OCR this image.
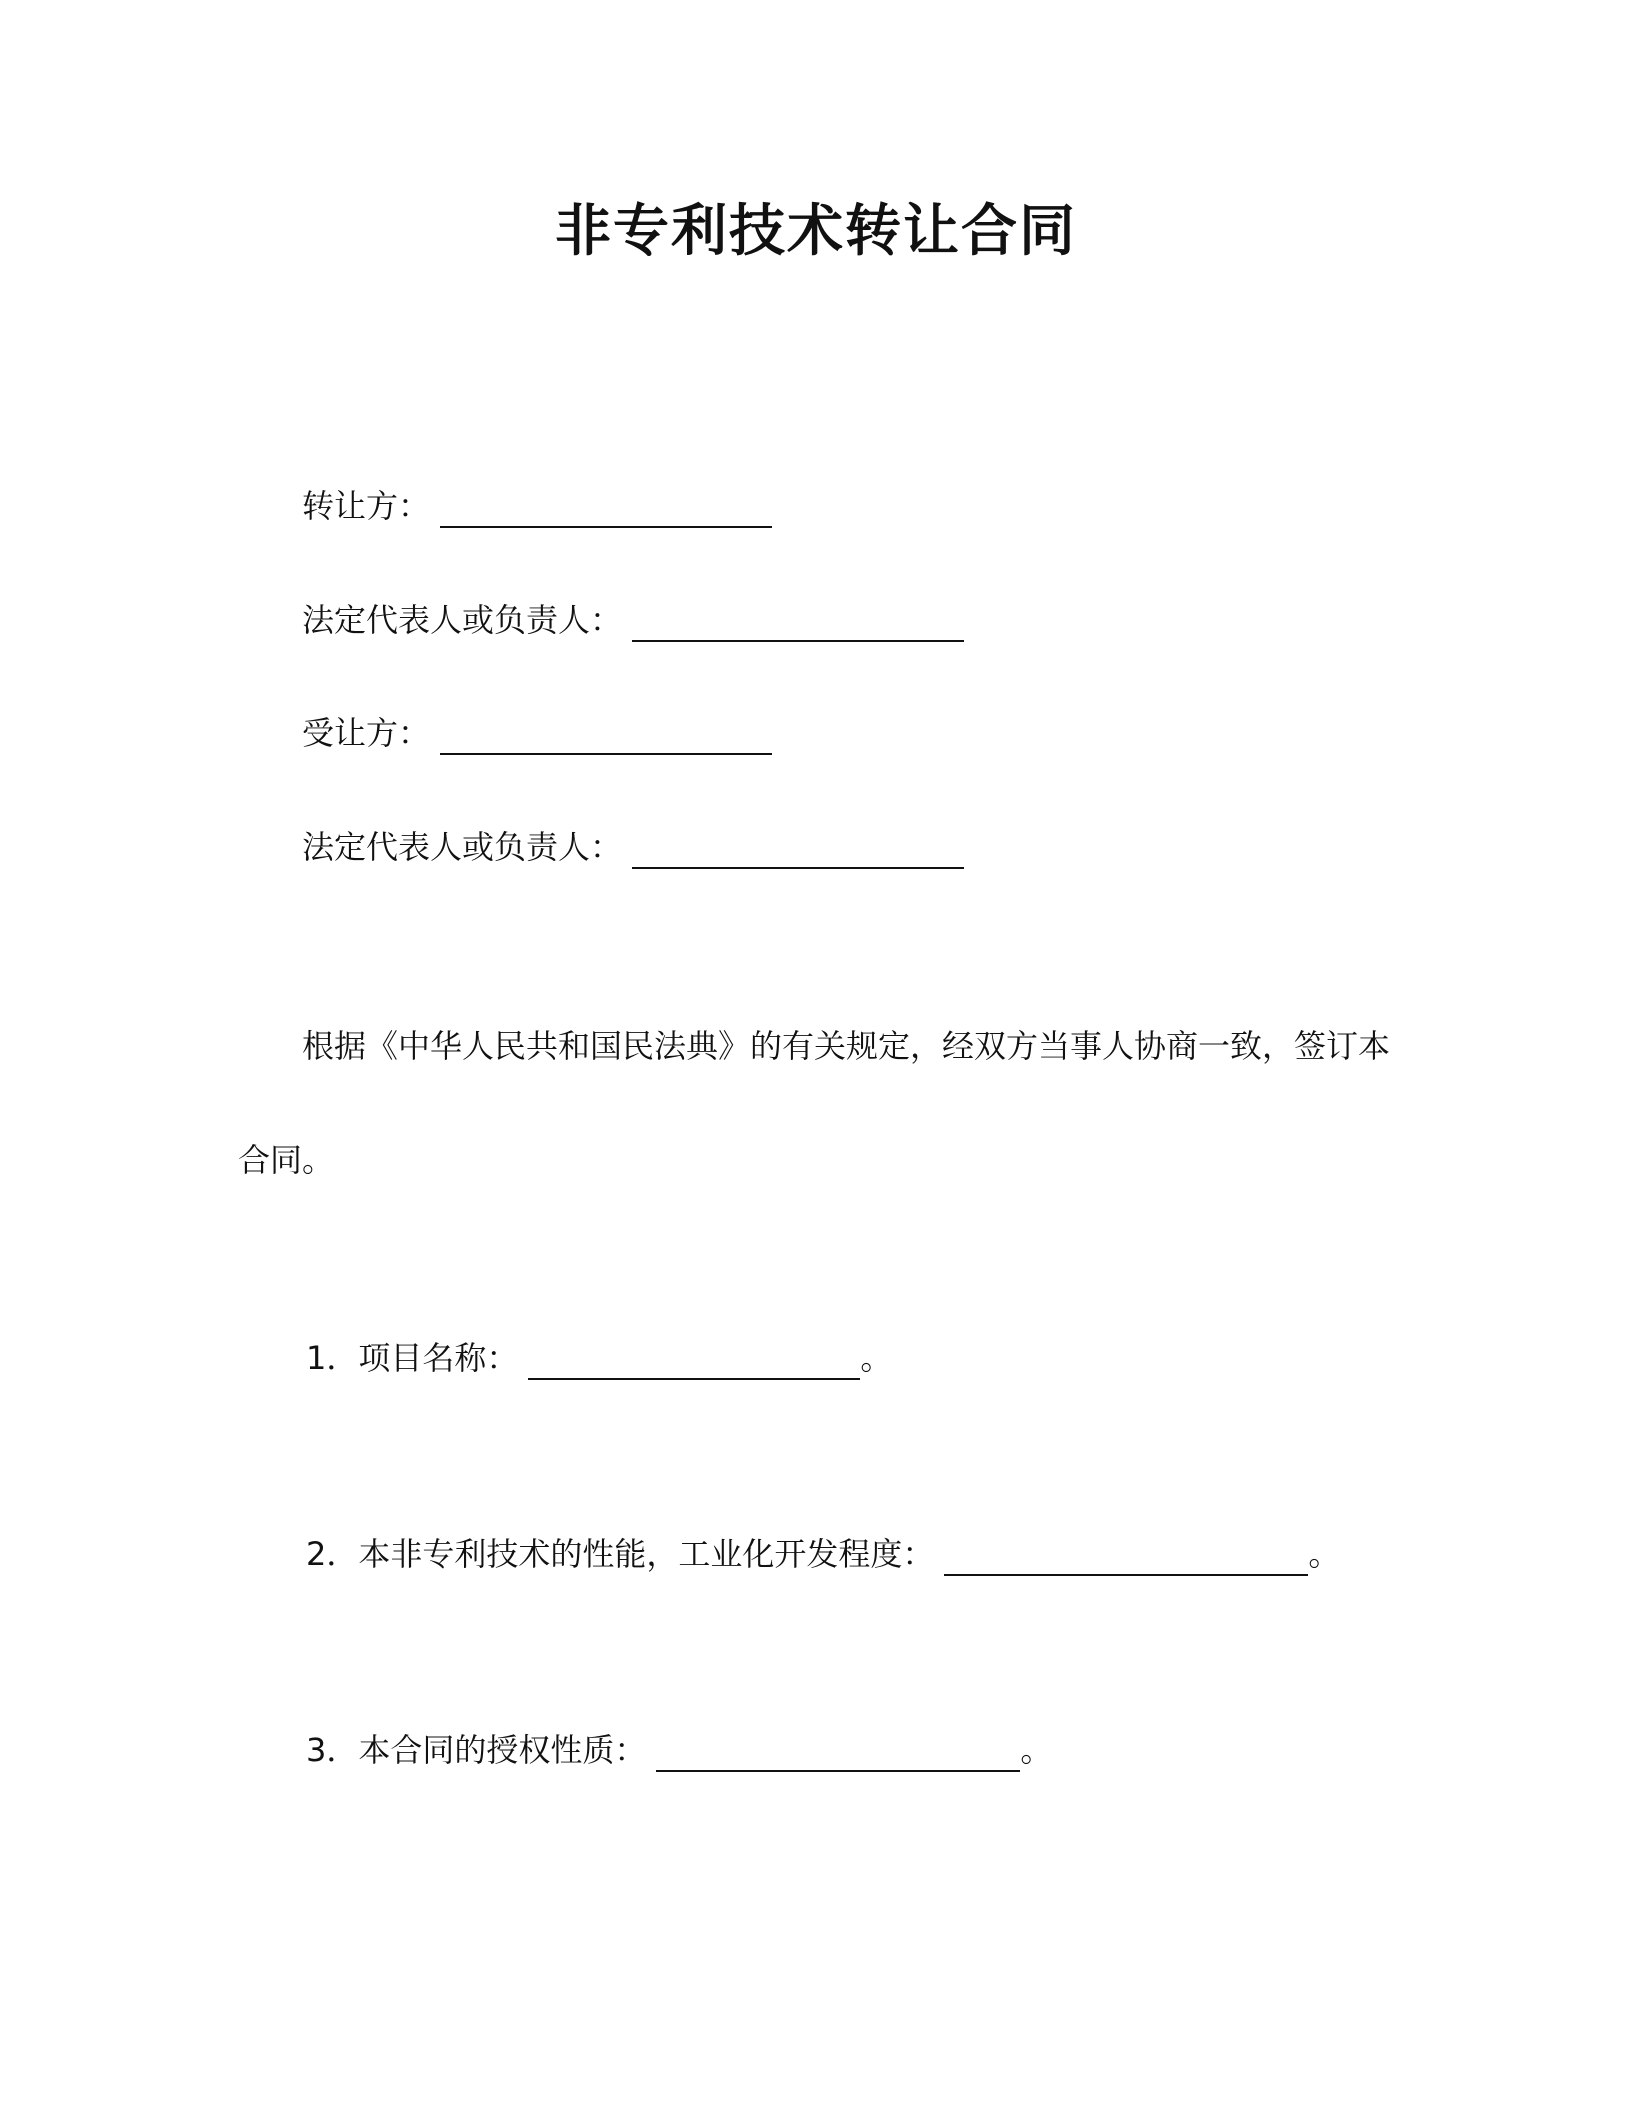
非专利技术转让合同
转让方：
法定代表人或负责人：
受让方：
法定代表人或负责人：
根据《中华人民共和国民法典》的有关规定，经双方当事人协商一致，签订本
合同。
1．项目名称：	。
2．本非专利技术的性能，工业化开发程度：	。
3．本合同的授权性质：	。
